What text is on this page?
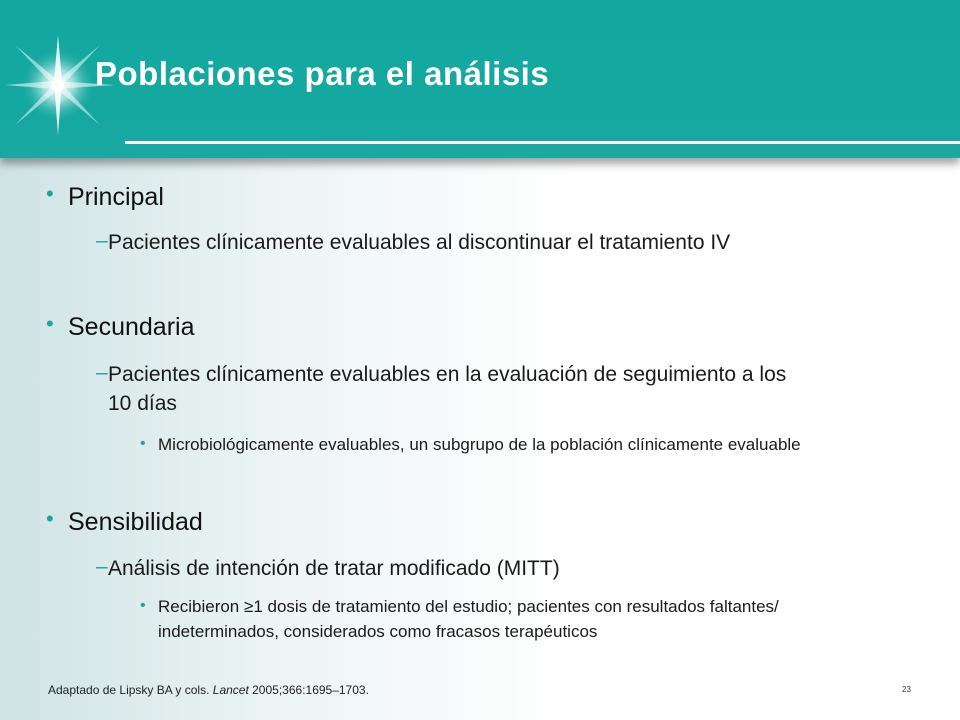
Poblaciones para el análisis
• Principal
– Pacientes clínicamente evaluables al discontinuar el tratamiento IV
• Secundaria
– Pacientes clínicamente evaluables en la evaluación de seguimiento a los 10 días
• Microbiológicamente evaluables, un subgrupo de la población clínicamente evaluable
• Sensibilidad
– Análisis de intención de tratar modificado (MITT)
• Recibieron ≥1 dosis de tratamiento del estudio; pacientes con resultados faltantes/ indeterminados, considerados como fracasos terapéuticos
Adaptado de Lipsky BA y cols. Lancet 2005;366:1695–1703.	23
